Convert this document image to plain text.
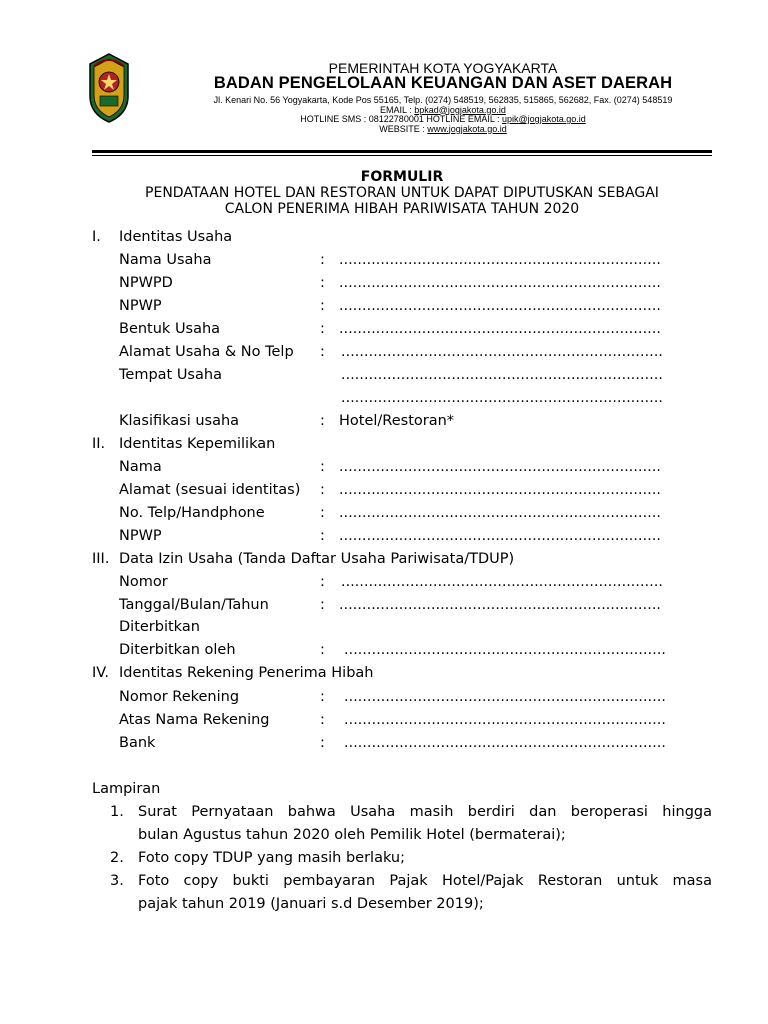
PEMERINTAH KOTA YOGYAKARTA
BADAN PENGELOLAAN KEUANGAN DAN ASET DAERAH
Jl. Kenari No. 56 Yogyakarta, Kode Pos 55165, Telp. (0274) 548519, 562835, 515865, 562682, Fax. (0274) 548519
EMAIL : bpkad@jogjakota.go.id
HOTLINE SMS : 08122780001 HOTLINE EMAIL : upik@jogjakota.go.id
WEBSITE : www.jogjakota.go.id
FORMULIR
PENDATAAN HOTEL DAN RESTORAN UNTUK DAPAT DIPUTUSKAN SEBAGAI
CALON PENERIMA HIBAH PARIWISATA TAHUN 2020
I. Identitas Usaha
Nama Usaha	: ......................................................................
NPWPD	: ......................................................................
NPWP	: ......................................................................
Bentuk Usaha	: ......................................................................
Alamat Usaha & No Telp : ......................................................................
Tempat Usaha	......................................................................
......................................................................
Klasifikasi usaha	: Hotel/Restoran*
II. Identitas Kepemilikan
Nama	: ......................................................................
Alamat (sesuai identitas) : ......................................................................
No. Telp/Handphone	: ......................................................................
NPWP	: ......................................................................
III. Data Izin Usaha (Tanda Daftar Usaha Pariwisata/TDUP)
Nomor	: ......................................................................
Tanggal/Bulan/Tahun	: ......................................................................
Diterbitkan
Diterbitkan oleh	: ......................................................................
IV. Identitas Rekening Penerima Hibah
Nomor Rekening	: ......................................................................
Atas Nama Rekening	: ......................................................................
Bank	: ......................................................................
Lampiran
1. Surat Pernyataan bahwa Usaha masih berdiri dan beroperasi hingga
bulan Agustus tahun 2020 oleh Pemilik Hotel (bermaterai);
2. Foto copy TDUP yang masih berlaku;
3. Foto copy bukti pembayaran Pajak Hotel/Pajak Restoran untuk masa
pajak tahun 2019 (Januari s.d Desember 2019);
